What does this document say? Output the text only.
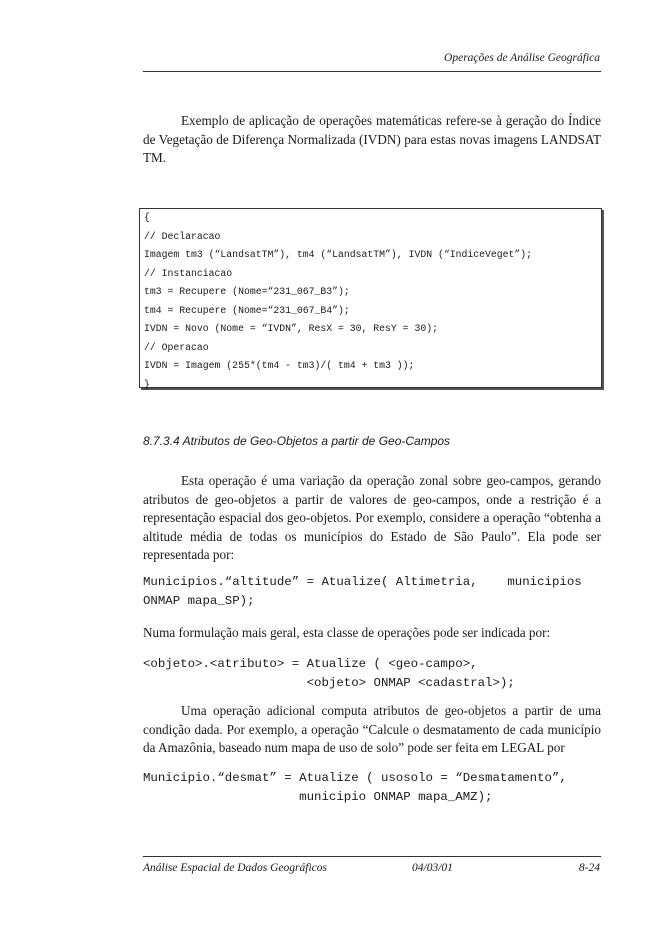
Operações de Análise Geográfica

Exemplo de aplicação de operações matemáticas refere-se à geração do Índice de Vegetação de Diferença Normalizada (IVDN) para estas novas imagens LANDSAT TM.

{
// Declaracao
Imagem tm3 (“LandsatTM”), tm4 (“LandsatTM”), IVDN (“IndiceVeget”);
// Instanciacao
tm3 = Recupere (Nome=“231_067_B3”);
tm4 = Recupere (Nome=“231_067_B4”);
IVDN = Novo (Nome = “IVDN”, ResX = 30, ResY = 30);
// Operacao
IVDN = Imagem (255*(tm4 - tm3)/( tm4 + tm3 ));
}
8.7.3.4 Atributos de Geo-Objetos a partir de Geo-Campos

Esta operação é uma variação da operação zonal sobre geo-campos, gerando atributos de geo-objetos a partir de valores de geo-campos, onde a restrição é a representação espacial dos geo-objetos. Por exemplo, considere a operação “obtenha a altitude média de todas os municípios do Estado de São Paulo”. Ela pode ser representada por:

Municipios.“altitude” = Atualize( Altimetria,    municipios
ONMAP mapa_SP);

Numa formulação mais geral, esta classe de operações pode ser indicada por:

<objeto>.<atributo> = Atualize ( <geo-campo>,
<objeto> ONMAP <cadastral>);

Uma operação adicional computa atributos de geo-objetos a partir de uma condição dada. Por exemplo, a operação “Calcule o desmatamento de cada município da Amazônia, baseado num mapa de uso de solo” pode ser feita em LEGAL por

Municipio.“desmat” = Atualize ( usosolo = “Desmatamento”,
municipio ONMAP mapa_AMZ);
Análise Espacial de Dados Geográficos	04/03/01	8-24
